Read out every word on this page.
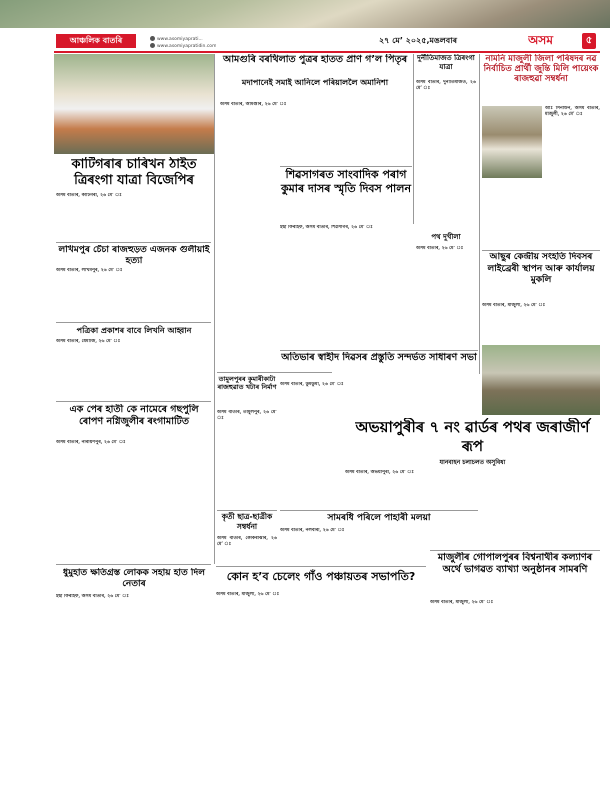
আঞ্চলিক বাতৰি	www.asomiyaprati...
www.asomiyapratidin.com
২৭ মে’ ২০২৫,মঙলবাৰ	অসম	৫
কাটিগৰাৰ চাৰিখন ঠাইত ত্ৰিৰংগা যাত্ৰা বিজেপিৰ
অসম বাতৰি, কাটিগৰা, ২৬ মে’ ঃ
লখিমপুৰ চেঁচা ৰাজহুড়ত এজনক গুলীয়াই হত্যা
অসম বাতৰি, লখিমপুৰ, ২৬ মে’ ঃ
পত্ৰিকা প্ৰকাশৰ বাবে লিখনি আহ্বান
অসম বাতৰি, ধেমাজি, ২৬ মে’ ঃ
এক পেৰ হাতী কে নামেৰে গছপুলি ৰোপণ নগ্নিজুলীৰ ৰংগামাটিত
অসম বাতৰি, নাৰায়ণপুৰ, ২৬ মে’ ঃ
ধুমুহাত ক্ষতিগ্ৰস্ত লোকক সহায় হাত দিল নেতাৰ
ইছা ফিৰাইফ, অসম বাতৰি, ২৬ মে’ ঃ
তামুলপুৰৰ কুমাৰীকাটা ৰাজহুৱাত খটাৰ নিৰ্মাণ
অসম বাতৰি, তামুলপুৰ, ২৬ মে’ ঃ
কৃতী ছাত্ৰ-ছাত্ৰীক সম্বৰ্ধনা
অসম বাতৰি, কোকৰাঝাৰ, ২৬ মে’ ঃ
আমগুৰি বৰথিলাত পুত্ৰৰ হাতত প্ৰাণ গ’ল পিতৃৰ
মদাপানেই সমাই আনিলে পৰিয়াললৈ অমানিশা
অসম বাতৰি, আমগুৰি, ২৬ মে’ ঃ
দুৰ্নীতিমাজত ত্ৰিৰংগা যাত্ৰা
অসম বাতৰি, দুৰ্নীতিমাজত, ২৬ মে’ ঃ
শিৱসাগৰত সাংবাদিক পৰাগ কুমাৰ দাসৰ স্মৃতি দিবস পালন
ইছা ফিৰাইফ, অসম বাতৰি, শিৱসাগৰ, ২৬ মে’ ঃ
পথ দুখীলা
অসম বাতৰি, ২৬ মে’ ঃ
অতিভাৰ স্বাহীদ দিৱসৰ প্ৰস্তুতি সন্দৰ্ভত সাধাৰণ সভা
অসম বাতৰি, ডুমডুমা, ২৬ মে’ ঃ
সামৰধি পৰিলে পাহাৰী মলয়া
অসম বাতৰি, নলবাৰী, ২৬ মে’ ঃ
নামনি মাজুলী জিলা পৰিষদৰ নৱ নিৰ্বাচিত প্ৰাৰ্থী জুন্তি মিলি পায়েংক ৰাজহুৱা সম্বৰ্ধনা
আঃ সিনাউন, অসম বাতৰি, মাজুলী, ২৬ মে’ ঃ
আছুৰ কেন্দ্ৰীয় সংহতি দিবসৰ লাইব্ৰেৰী স্থাপন আৰু কাৰ্যালয় মুকলি
অসম বাতৰি, মাজুলী, ২৬ মে’ ঃ
অভয়াপুৰীৰ ৭ নং ৱাৰ্ডৰ পথৰ জৰাজীৰ্ণ ৰূপ
যানবাহন চলাচলত অসুবিধা
অসম বাতৰি, অভয়াপুৰী, ২৬ মে’ ঃ
কোন হ’ব চেলেং গাঁও পঞ্চায়তৰ সভাপতি?
অসম বাতৰি, মাজুলী, ২৬ মে’ ঃ
মাজুলীৰ গোপালপুৰৰ বিশ্বনাথীৰ কল্যাণৰ অৰ্থে ভাগৱত ব্যাখ্যা অনুষ্ঠানৰ সামৰণি
অসম বাতৰি, মাজুলী, ২৬ মে’ ঃ
